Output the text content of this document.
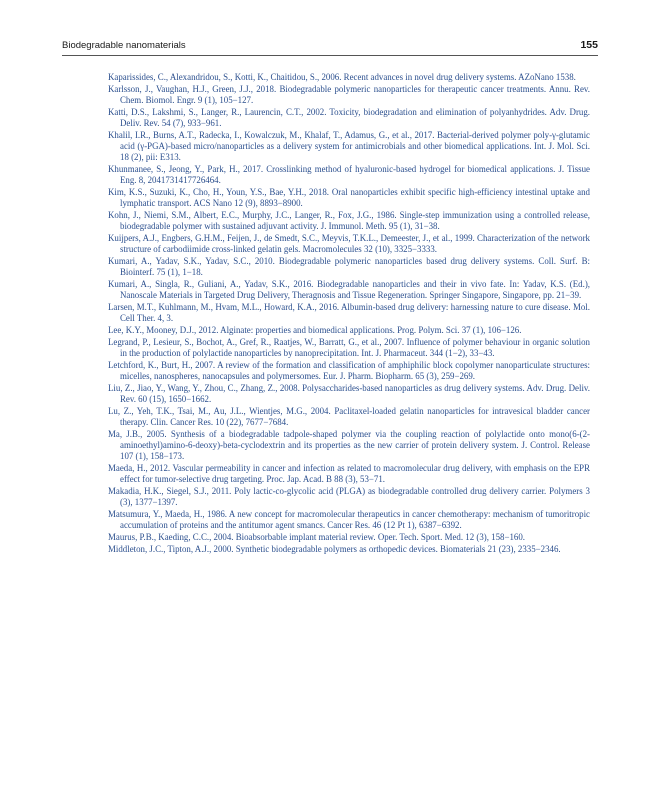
Biodegradable nanomaterials	155
Kaparissides, C., Alexandridou, S., Kotti, K., Chaitidou, S., 2006. Recent advances in novel drug delivery systems. AZoNano 1538.
Karlsson, J., Vaughan, H.J., Green, J.J., 2018. Biodegradable polymeric nanoparticles for therapeutic cancer treatments. Annu. Rev. Chem. Biomol. Engr. 9 (1), 105−127.
Katti, D.S., Lakshmi, S., Langer, R., Laurencin, C.T., 2002. Toxicity, biodegradation and elimination of polyanhydrides. Adv. Drug. Deliv. Rev. 54 (7), 933−961.
Khalil, I.R., Burns, A.T., Radecka, I., Kowalczuk, M., Khalaf, T., Adamus, G., et al., 2017. Bacterial-derived polymer poly-γ-glutamic acid (γ-PGA)-based micro/nanoparticles as a delivery system for antimicrobials and other biomedical applications. Int. J. Mol. Sci. 18 (2), pii: E313.
Khunmanee, S., Jeong, Y., Park, H., 2017. Crosslinking method of hyaluronic-based hydrogel for biomedical applications. J. Tissue Eng. 8, 2041731417726464.
Kim, K.S., Suzuki, K., Cho, H., Youn, Y.S., Bae, Y.H., 2018. Oral nanoparticles exhibit specific high-efficiency intestinal uptake and lymphatic transport. ACS Nano 12 (9), 8893−8900.
Kohn, J., Niemi, S.M., Albert, E.C., Murphy, J.C., Langer, R., Fox, J.G., 1986. Single-step immunization using a controlled release, biodegradable polymer with sustained adjuvant activity. J. Immunol. Meth. 95 (1), 31−38.
Kuijpers, A.J., Engbers, G.H.M., Feijen, J., de Smedt, S.C., Meyvis, T.K.L., Demeester, J., et al., 1999. Characterization of the network structure of carbodiimide cross-linked gelatin gels. Macromolecules 32 (10), 3325−3333.
Kumari, A., Yadav, S.K., Yadav, S.C., 2010. Biodegradable polymeric nanoparticles based drug delivery systems. Coll. Surf. B: Biointerf. 75 (1), 1−18.
Kumari, A., Singla, R., Guliani, A., Yadav, S.K., 2016. Biodegradable nanoparticles and their in vivo fate. In: Yadav, K.S. (Ed.), Nanoscale Materials in Targeted Drug Delivery, Theragnosis and Tissue Regeneration. Springer Singapore, Singapore, pp. 21−39.
Larsen, M.T., Kuhlmann, M., Hvam, M.L., Howard, K.A., 2016. Albumin-based drug delivery: harnessing nature to cure disease. Mol. Cell Ther. 4, 3.
Lee, K.Y., Mooney, D.J., 2012. Alginate: properties and biomedical applications. Prog. Polym. Sci. 37 (1), 106−126.
Legrand, P., Lesieur, S., Bochot, A., Gref, R., Raatjes, W., Barratt, G., et al., 2007. Influence of polymer behaviour in organic solution in the production of polylactide nanoparticles by nanoprecipitation. Int. J. Pharmaceut. 344 (1−2), 33−43.
Letchford, K., Burt, H., 2007. A review of the formation and classification of amphiphilic block copolymer nanoparticulate structures: micelles, nanospheres, nanocapsules and polymersomes. Eur. J. Pharm. Biopharm. 65 (3), 259−269.
Liu, Z., Jiao, Y., Wang, Y., Zhou, C., Zhang, Z., 2008. Polysaccharides-based nanoparticles as drug delivery systems. Adv. Drug. Deliv. Rev. 60 (15), 1650−1662.
Lu, Z., Yeh, T.K., Tsai, M., Au, J.L., Wientjes, M.G., 2004. Paclitaxel-loaded gelatin nanoparticles for intravesical bladder cancer therapy. Clin. Cancer Res. 10 (22), 7677−7684.
Ma, J.B., 2005. Synthesis of a biodegradable tadpole-shaped polymer via the coupling reaction of polylactide onto mono(6-(2-aminoethyl)amino-6-deoxy)-beta-cyclodextrin and its properties as the new carrier of protein delivery system. J. Control. Release 107 (1), 158−173.
Maeda, H., 2012. Vascular permeability in cancer and infection as related to macromolecular drug delivery, with emphasis on the EPR effect for tumor-selective drug targeting. Proc. Jap. Acad. B 88 (3), 53−71.
Makadia, H.K., Siegel, S.J., 2011. Poly lactic-co-glycolic acid (PLGA) as biodegradable controlled drug delivery carrier. Polymers 3 (3), 1377−1397.
Matsumura, Y., Maeda, H., 1986. A new concept for macromolecular therapeutics in cancer chemotherapy: mechanism of tumoritropic accumulation of proteins and the antitumor agent smancs. Cancer Res. 46 (12 Pt 1), 6387−6392.
Maurus, P.B., Kaeding, C.C., 2004. Bioabsorbable implant material review. Oper. Tech. Sport. Med. 12 (3), 158−160.
Middleton, J.C., Tipton, A.J., 2000. Synthetic biodegradable polymers as orthopedic devices. Biomaterials 21 (23), 2335−2346.
